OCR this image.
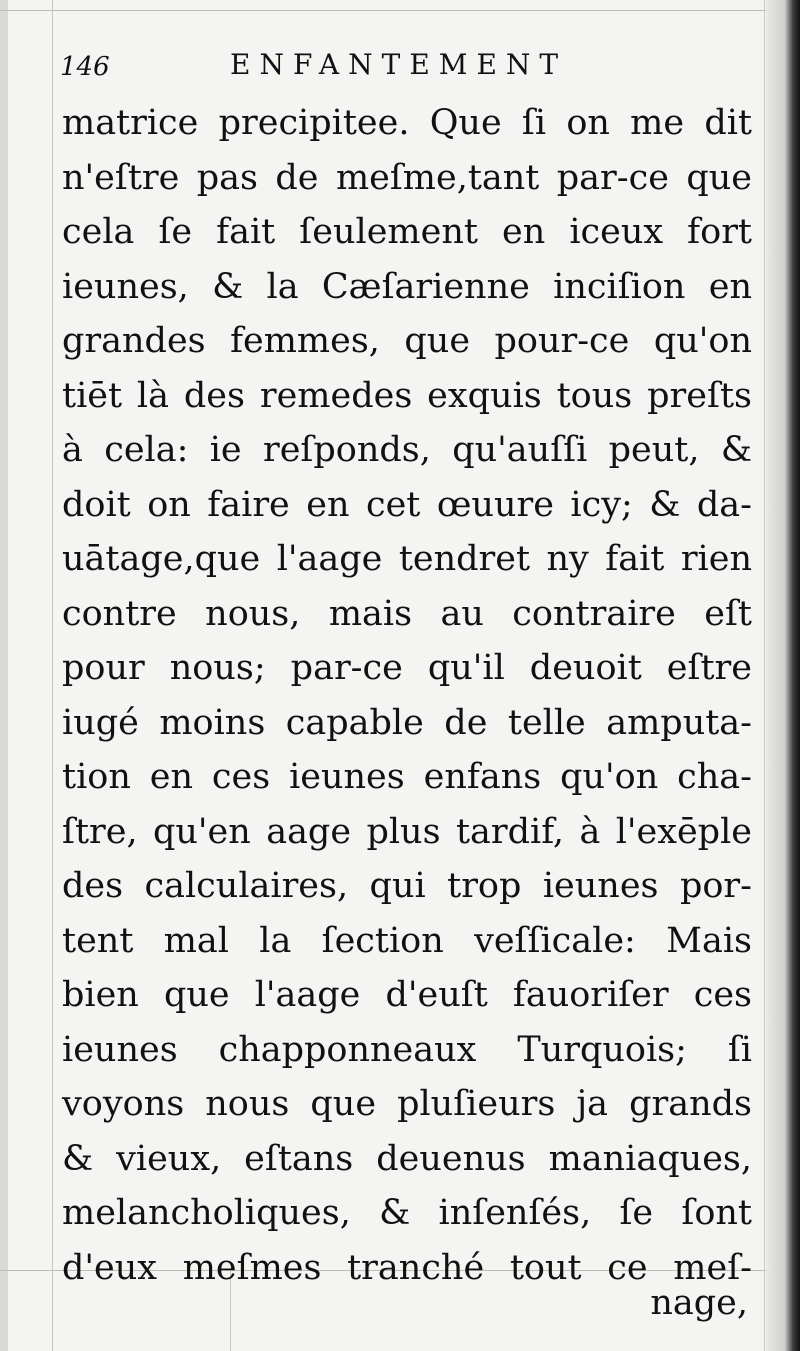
146	ENFANTEMENT
matrice precipitee. Que ſi on me dit
n'eſtre pas de meſme,tant par-ce que
cela ſe fait ſeulement en iceux fort
ieunes, & la Cæſarienne inciſion en
grandes femmes, que pour-ce qu'on
tiēt là des remedes exquis tous preſts
à cela: ie reſponds, qu'auſſi peut, &
doit on faire en cet œuure icy; & da-
uātage,que l'aage tendret ny fait rien
contre nous, mais au contraire eſt
pour nous; par-ce qu'il deuoit eſtre
iugé moins capable de telle amputa-
tion en ces ieunes enfans qu'on cha-
ſtre, qu'en aage plus tardif, à l'exēple
des calculaires, qui trop ieunes por-
tent mal la ſection veſſicale: Mais
bien que l'aage d'euſt fauoriſer ces
ieunes chapponneaux Turquois; ſi
voyons nous que pluſieurs ja grands
& vieux, eſtans deuenus maniaques,
melancholiques, & inſenſés, ſe ſont
d'eux meſmes tranché tout ce meſ-
nage,
